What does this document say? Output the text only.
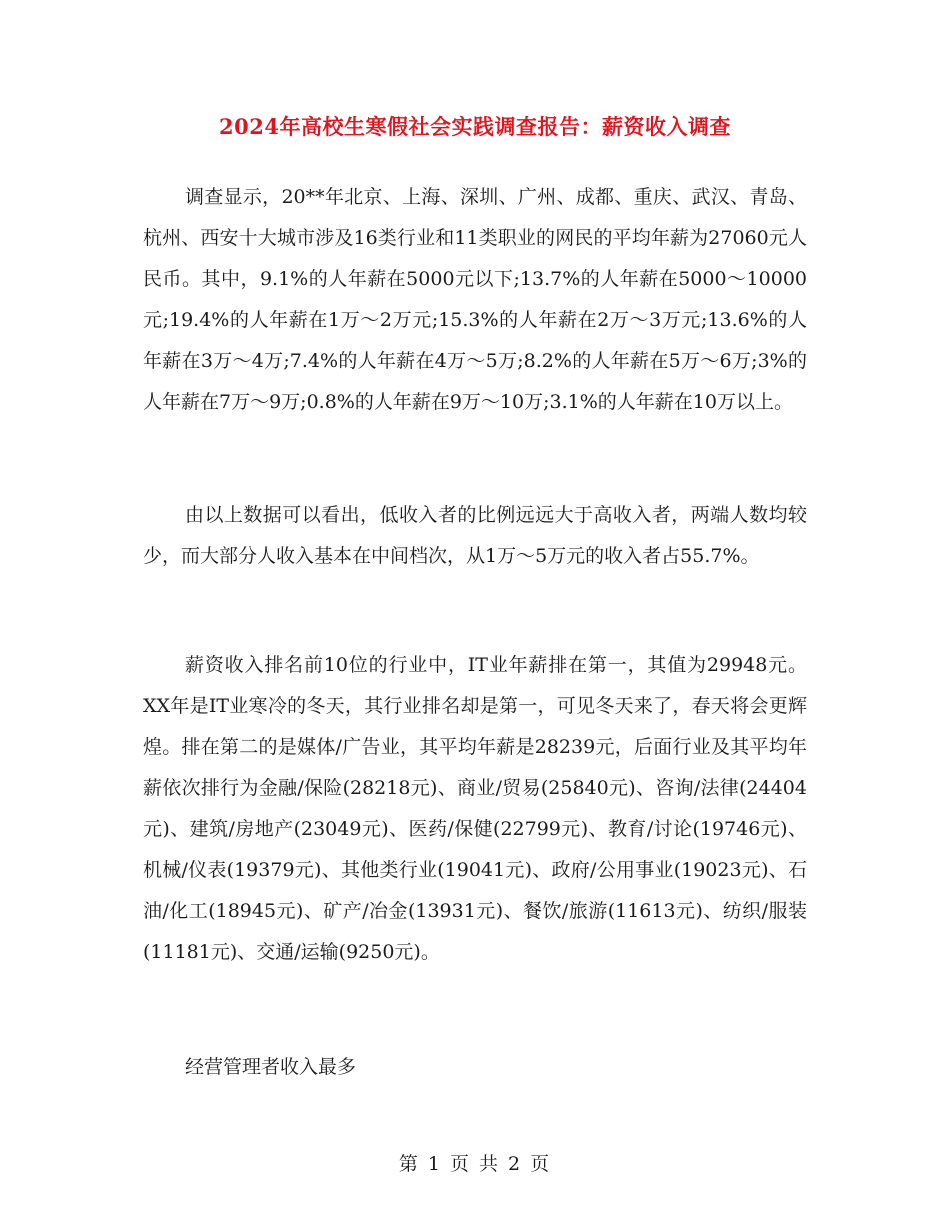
2024年高校生寒假社会实践调查报告：薪资收入调查

调查显示，20**年北京、上海、深圳、广州、成都、重庆、武汉、青岛、杭州、西安十大城市涉及16类行业和11类职业的网民的平均年薪为27060元人民币。其中，9.1%的人年薪在5000元以下;13.7%的人年薪在5000～10000元;19.4%的人年薪在1万～2万元;15.3%的人年薪在2万～3万元;13.6%的人年薪在3万～4万;7.4%的人年薪在4万～5万;8.2%的人年薪在5万～6万;3%的人年薪在7万～9万;0.8%的人年薪在9万～10万;3.1%的人年薪在10万以上。

由以上数据可以看出，低收入者的比例远远大于高收入者，两端人数均较少，而大部分人收入基本在中间档次，从1万～5万元的收入者占55.7%。

薪资收入排名前10位的行业中，IT业年薪排在第一，其值为29948元。XX年是IT业寒冷的冬天，其行业排名却是第一，可见冬天来了，春天将会更辉煌。排在第二的是媒体/广告业，其平均年薪是28239元，后面行业及其平均年薪依次排行为金融/保险(28218元)、商业/贸易(25840元)、咨询/法律(24404元)、建筑/房地产(23049元)、医药/保健(22799元)、教育/讨论(19746元)、机械/仪表(19379元)、其他类行业(19041元)、政府/公用事业(19023元)、石油/化工(18945元)、矿产/冶金(13931元)、餐饮/旅游(11613元)、纺织/服装(11181元)、交通/运输(9250元)。

经营管理者收入最多

第 1 页 共 2 页
